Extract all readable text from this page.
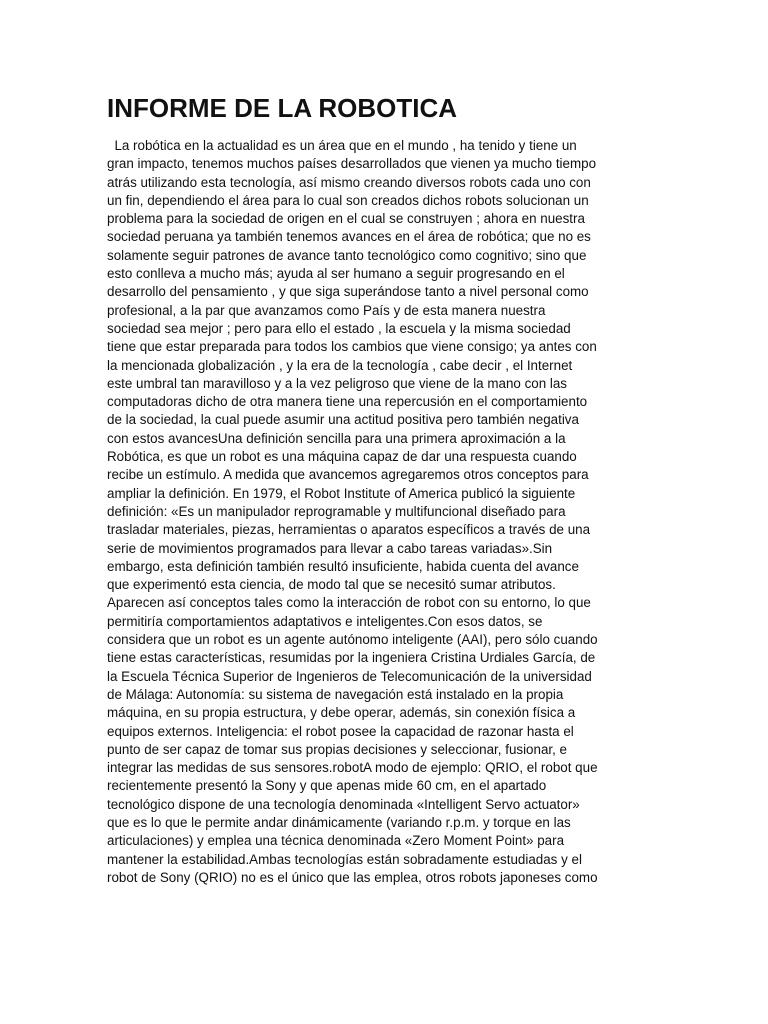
INFORME DE LA ROBOTICA
La robótica en la actualidad es un área que en el mundo , ha tenido y tiene un
gran impacto, tenemos muchos países desarrollados que vienen ya mucho tiempo
atrás utilizando esta tecnología, así mismo creando diversos robots cada uno con
un fin, dependiendo el área para lo cual son creados dichos robots solucionan un
problema para la sociedad de origen en el cual se construyen ; ahora en nuestra
sociedad peruana ya también tenemos avances en el área de robótica; que no es
solamente seguir patrones de avance tanto tecnológico como cognitivo; sino que
esto conlleva a mucho más; ayuda al ser humano a seguir progresando en el
desarrollo del pensamiento , y que siga superándose tanto a nivel personal como
profesional, a la par que avanzamos como País y de esta manera nuestra
sociedad sea mejor ; pero para ello el estado , la escuela y la misma sociedad
tiene que estar preparada para todos los cambios que viene consigo; ya antes con
la mencionada globalización , y la era de la tecnología , cabe decir , el Internet
este umbral tan maravilloso y a la vez peligroso que viene de la mano con las
computadoras dicho de otra manera tiene una repercusión en el comportamiento
de la sociedad, la cual puede asumir una actitud positiva pero también negativa
con estos avancesUna definición sencilla para una primera aproximación a la
Robótica, es que un robot es una máquina capaz de dar una respuesta cuando
recibe un estímulo. A medida que avancemos agregaremos otros conceptos para
ampliar la definición. En 1979, el Robot Institute of America publicó la siguiente
definición: «Es un manipulador reprogramable y multifuncional diseñado para
trasladar materiales, piezas, herramientas o aparatos específicos a través de una
serie de movimientos programados para llevar a cabo tareas variadas».Sin
embargo, esta definición también resultó insuficiente, habida cuenta del avance
que experimentó esta ciencia, de modo tal que se necesitó sumar atributos.
Aparecen así conceptos tales como la interacción de robot con su entorno, lo que
permitiría comportamientos adaptativos e inteligentes.Con esos datos, se
considera que un robot es un agente autónomo inteligente (AAI), pero sólo cuando
tiene estas características, resumidas por la ingeniera Cristina Urdiales García, de
la Escuela Técnica Superior de Ingenieros de Telecomunicación de la universidad
de Málaga: Autonomía: su sistema de navegación está instalado en la propia
máquina, en su propia estructura, y debe operar, además, sin conexión física a
equipos externos. Inteligencia: el robot posee la capacidad de razonar hasta el
punto de ser capaz de tomar sus propias decisiones y seleccionar, fusionar, e
integrar las medidas de sus sensores.robotA modo de ejemplo: QRIO, el robot que
recientemente presentó la Sony y que apenas mide 60 cm, en el apartado
tecnológico dispone de una tecnología denominada «Intelligent Servo actuator»
que es lo que le permite andar dinámicamente (variando r.p.m. y torque en las
articulaciones) y emplea una técnica denominada «Zero Moment Point» para
mantener la estabilidad.Ambas tecnologías están sobradamente estudiadas y el
robot de Sony (QRIO) no es el único que las emplea, otros robots japoneses como
